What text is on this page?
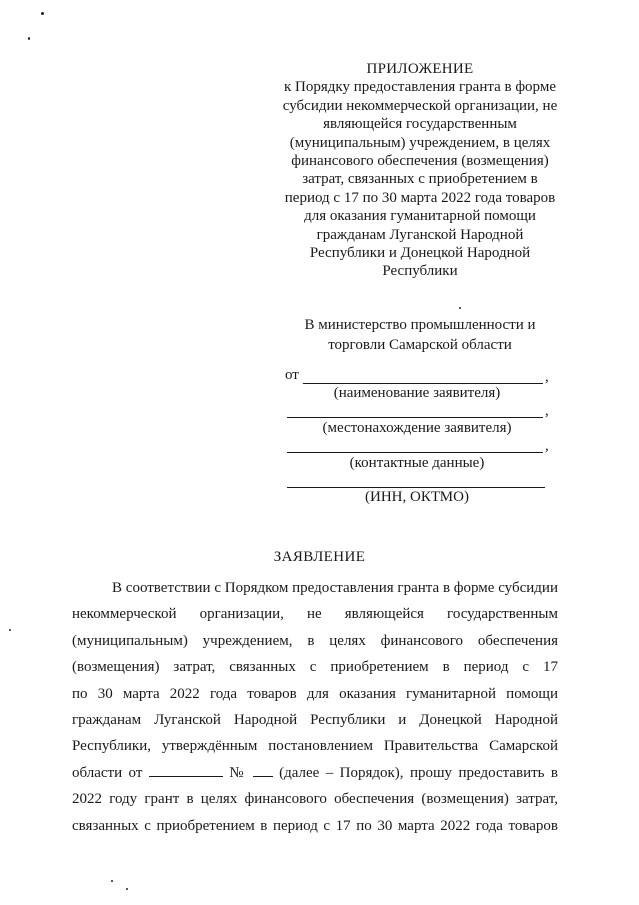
ПРИЛОЖЕНИЕ
к Порядку предоставления гранта в форме
субсидии некоммерческой организации, не
являющейся государственным
(муниципальным) учреждением, в целях
финансового обеспечения (возмещения)
затрат, связанных с приобретением в
период с 17 по 30 марта 2022 года товаров
для оказания гуманитарной помощи
гражданам Луганской Народной
Республики и Донецкой Народной
Республики
В министерство промышленности и
торговли Самарской области
от	,
(наименование заявителя)
,
(местонахождение заявителя)
,
(контактные данные)
(ИНН, ОКТМО)
ЗАЯВЛЕНИЕ
В соответствии с Порядком предоставления гранта в форме субсидии
некоммерческой организации, не являющейся государственным
(муниципальным) учреждением, в целях финансового обеспечения
(возмещения) затрат, связанных с приобретением в период с 17
по 30 марта 2022 года товаров для оказания гуманитарной помощи
гражданам Луганской Народной Республики и Донецкой Народной
Республики, утверждённым постановлением Правительства Самарской
области от	№ (далее – Порядок), прошу предоставить в
2022 году грант в целях финансового обеспечения (возмещения) затрат,
связанных с приобретением в период с 17 по 30 марта 2022 года товаров
